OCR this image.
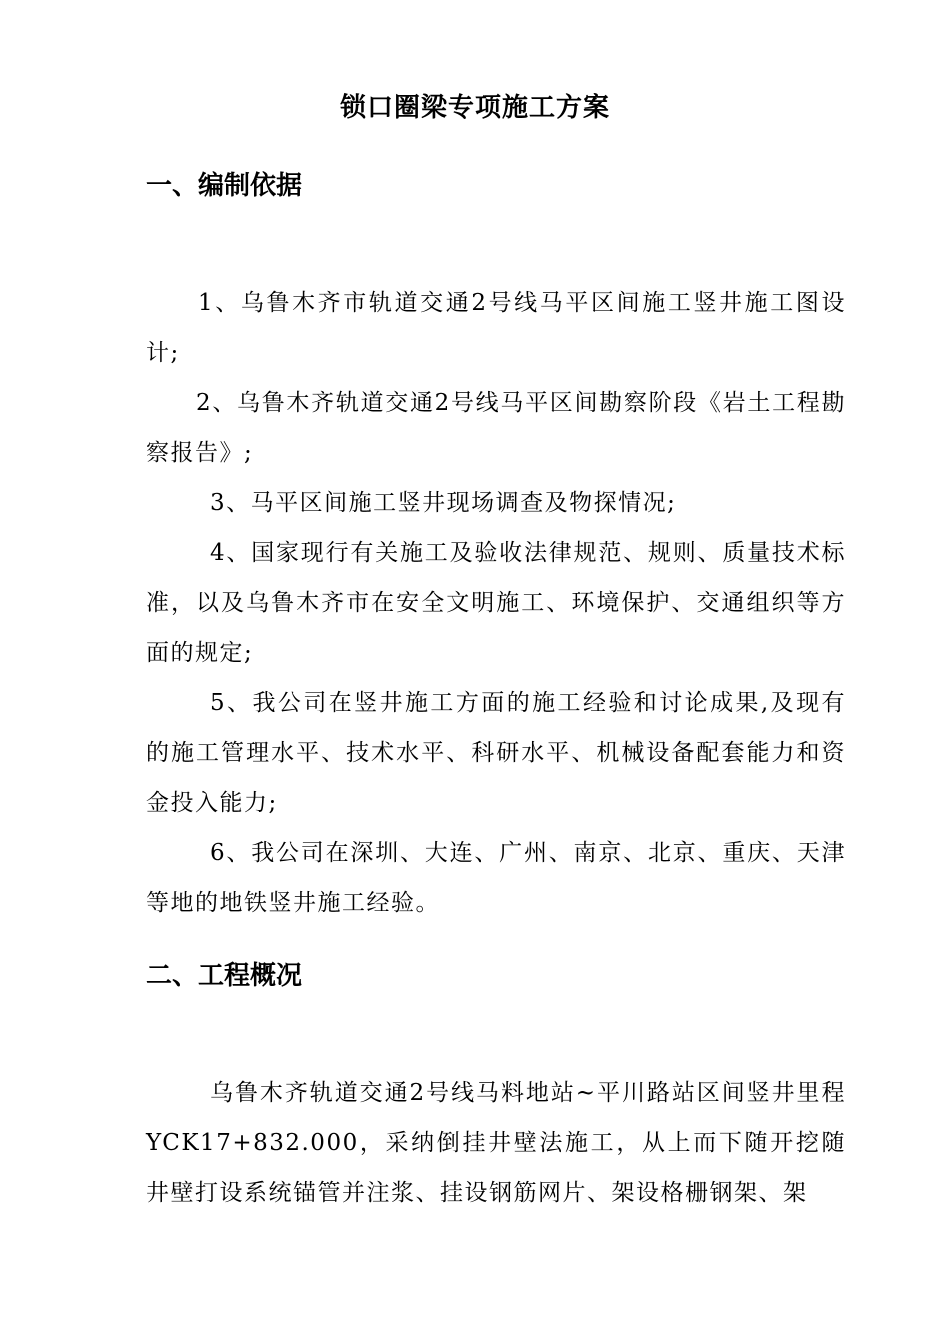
锁口圈梁专项施工方案
一、编制依据
1、乌鲁木齐市轨道交通2号线马平区间施工竖井施工图设计;
2、乌鲁木齐轨道交通2号线马平区间勘察阶段《岩土工程勘察报告》;
3、马平区间施工竖井现场调查及物探情况;
4、国家现行有关施工及验收法律规范、规则、质量技术标准，以及乌鲁木齐市在安全文明施工、环境保护、交通组织等方面的规定;
5、我公司在竖井施工方面的施工经验和讨论成果,及现有的施工管理水平、技术水平、科研水平、机械设备配套能力和资金投入能力;
6、我公司在深圳、大连、广州、南京、北京、重庆、天津等地的地铁竖井施工经验。
二、工程概况
乌鲁木齐轨道交通2号线马料地站~平川路站区间竖井里程YCK17+832.000，采纳倒挂井壁法施工，从上而下随开挖随井壁打设系统锚管并注浆、挂设钢筋网片、架设格栅钢架、架
